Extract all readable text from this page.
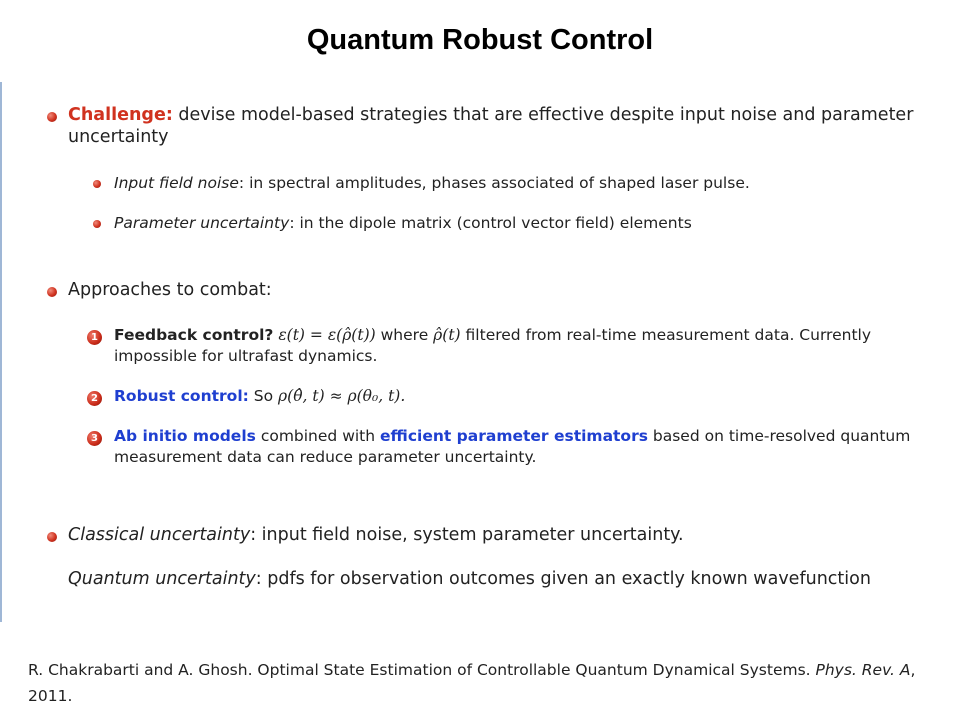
Quantum Robust Control
Challenge: devise model-based strategies that are effective despite input noise and parameter uncertainty
Input field noise: in spectral amplitudes, phases associated of shaped laser pulse.
Parameter uncertainty: in the dipole matrix (control vector field) elements
Approaches to combat:
1 Feedback control? ε(t) = ε(ρ̂(t)) where ρ̂(t) filtered from real-time measurement data. Currently impossible for ultrafast dynamics.
2 Robust control: So ρ(θ̂, t) ≈ ρ(θ₀, t).
3 Ab initio models combined with efficient parameter estimators based on time-resolved quantum measurement data can reduce parameter uncertainty.
Classical uncertainty: input field noise, system parameter uncertainty.
Quantum uncertainty: pdfs for observation outcomes given an exactly known wavefunction
R. Chakrabarti and A. Ghosh. Optimal State Estimation of Controllable Quantum Dynamical Systems. Phys. Rev. A, 2011.
